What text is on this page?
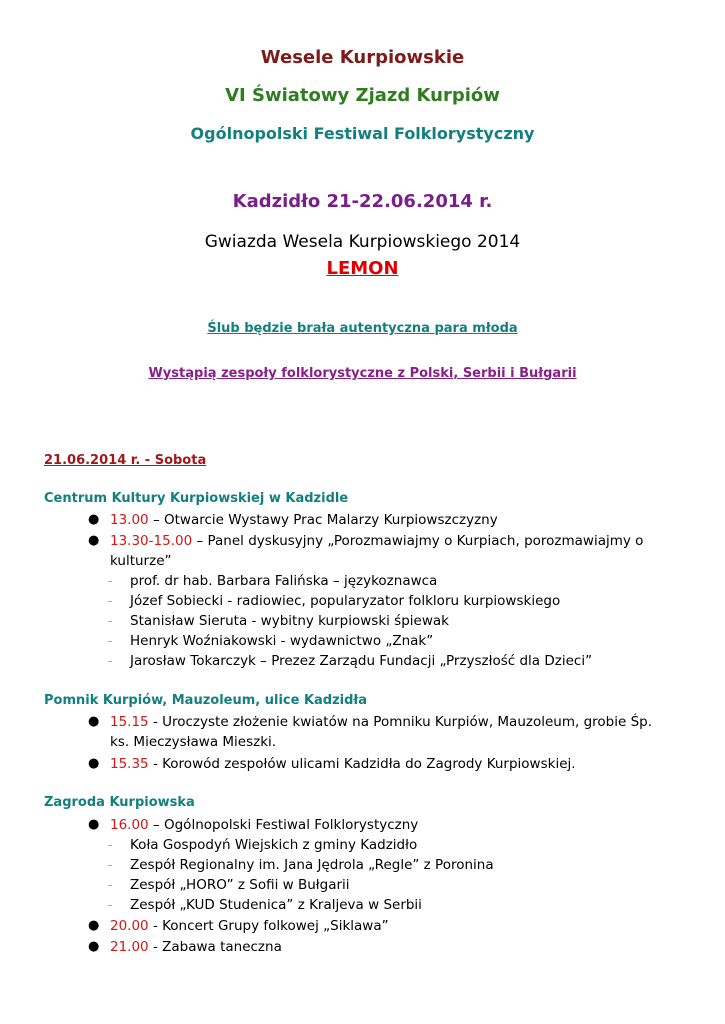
Wesele Kurpiowskie
VI Światowy Zjazd Kurpiów
Ogólnopolski Festiwal Folklorystyczny
Kadzidło 21-22.06.2014 r.
Gwiazda Wesela Kurpiowskiego 2014
LEMON
Ślub będzie brała autentyczna para młoda
Wystąpią zespoły folklorystyczne z Polski, Serbii i Bułgarii
21.06.2014 r. - Sobota
Centrum Kultury Kurpiowskiej w Kadzidle
● 13.00 – Otwarcie Wystawy Prac Malarzy Kurpiowszczyzny
● 13.30-15.00 – Panel dyskusyjny „Porozmawiajmy o Kurpiach, porozmawiajmy o kulturze”
- prof. dr hab. Barbara Falińska – językoznawca
- Józef Sobiecki - radiowiec, popularyzator folkloru kurpiowskiego
- Stanisław Sieruta - wybitny kurpiowski śpiewak
- Henryk Woźniakowski - wydawnictwo „Znak”
- Jarosław Tokarczyk – Prezez Zarządu Fundacji „Przyszłość dla Dzieci”
Pomnik Kurpiów, Mauzoleum, ulice Kadzidła
● 15.15 - Uroczyste złożenie kwiatów na Pomniku Kurpiów, Mauzoleum, grobie Śp. ks. Mieczysława Mieszki.
● 15.35 - Korowód zespołów ulicami Kadzidła do Zagrody Kurpiowskiej.
Zagroda Kurpiowska
● 16.00 – Ogólnopolski Festiwal Folklorystyczny
- Koła Gospodyń Wiejskich z gminy Kadzidło
- Zespół Regionalny im. Jana Jędrola „Regle” z Poronina
- Zespół „HORO” z Sofii w Bułgarii
- Zespół „KUD Studenica” z Kraljeva w Serbii
● 20.00 - Koncert Grupy folkowej „Siklawa”
● 21.00 - Zabawa taneczna
